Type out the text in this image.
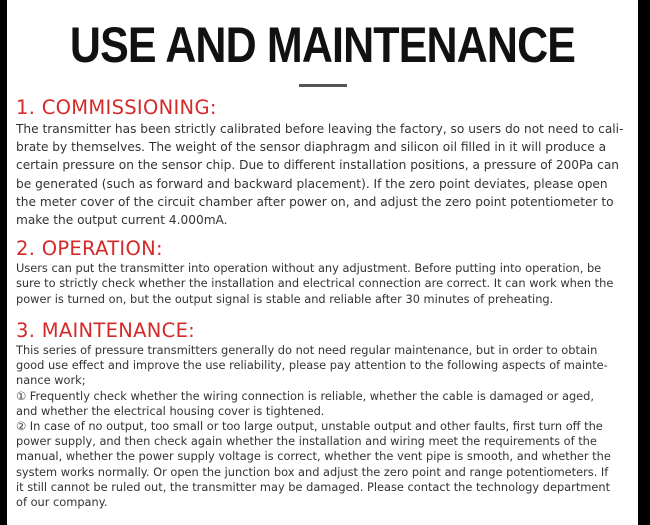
USE AND MAINTENANCE
1. COMMISSIONING:
The transmitter has been strictly calibrated before leaving the factory, so users do not need to cali-
brate by themselves. The weight of the sensor diaphragm and silicon oil filled in it will produce a
certain pressure on the sensor chip. Due to different installation positions, a pressure of 200Pa can
be generated (such as forward and backward placement). If the zero point deviates, please open
the meter cover of the circuit chamber after power on, and adjust the zero point potentiometer to
make the output current 4.000mA.
2. OPERATION:
Users can put the transmitter into operation without any adjustment. Before putting into operation, be
sure to strictly check whether the installation and electrical connection are correct. It can work when the
power is turned on, but the output signal is stable and reliable after 30 minutes of preheating.
3. MAINTENANCE:
This series of pressure transmitters generally do not need regular maintenance, but in order to obtain
good use effect and improve the use reliability, please pay attention to the following aspects of mainte-
nance work;
① Frequently check whether the wiring connection is reliable, whether the cable is damaged or aged,
and whether the electrical housing cover is tightened.
② In case of no output, too small or too large output, unstable output and other faults, first turn off the
power supply, and then check again whether the installation and wiring meet the requirements of the
manual, whether the power supply voltage is correct, whether the vent pipe is smooth, and whether the
system works normally. Or open the junction box and adjust the zero point and range potentiometers. If
it still cannot be ruled out, the transmitter may be damaged. Please contact the technology department
of our company.
